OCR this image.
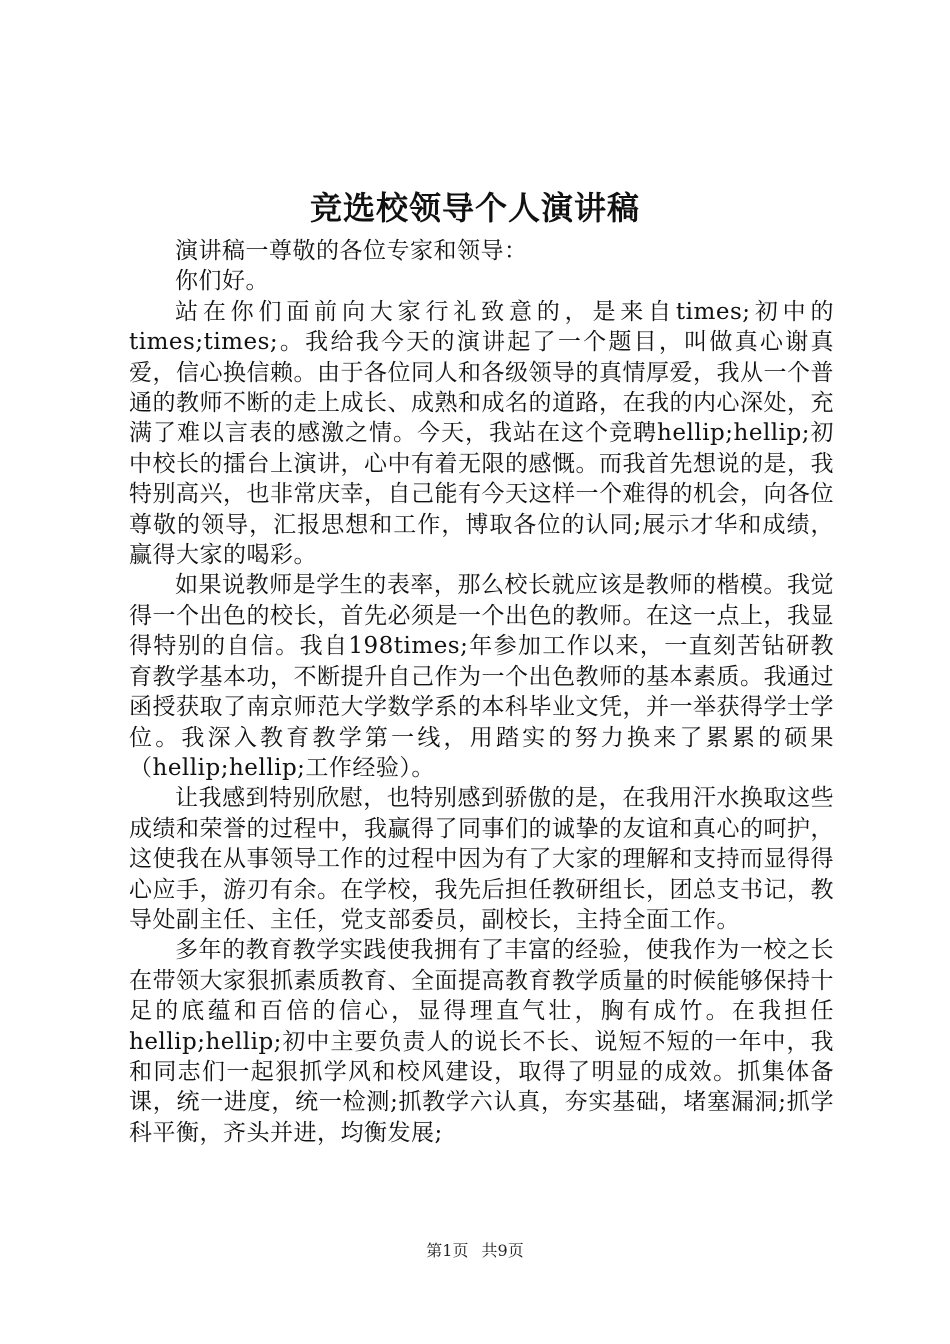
竞选校领导个人演讲稿

演讲稿一尊敬的各位专家和领导：

你们好。

站在你们面前向大家行礼致意的，是来自times;初中的times;times;。我给我今天的演讲起了一个题目，叫做真心谢真爱，信心换信赖。由于各位同人和各级领导的真情厚爱，我从一个普通的教师不断的走上成长、成熟和成名的道路，在我的内心深处，充满了难以言表的感激之情。今天，我站在这个竞聘hellip;hellip;初中校长的擂台上演讲，心中有着无限的感慨。而我首先想说的是，我特别高兴，也非常庆幸，自己能有今天这样一个难得的机会，向各位尊敬的领导，汇报思想和工作，博取各位的认同;展示才华和成绩，赢得大家的喝彩。

如果说教师是学生的表率，那么校长就应该是教师的楷模。我觉得一个出色的校长，首先必须是一个出色的教师。在这一点上，我显得特别的自信。我自198times;年参加工作以来，一直刻苦钻研教育教学基本功，不断提升自己作为一个出色教师的基本素质。我通过函授获取了南京师范大学数学系的本科毕业文凭，并一举获得学士学位。我深入教育教学第一线，用踏实的努力换来了累累的硕果（hellip;hellip;工作经验）。

让我感到特别欣慰，也特别感到骄傲的是，在我用汗水换取这些成绩和荣誉的过程中，我赢得了同事们的诚挚的友谊和真心的呵护，这使我在从事领导工作的过程中因为有了大家的理解和支持而显得得心应手，游刃有余。在学校，我先后担任教研组长，团总支书记，教导处副主任、主任，党支部委员，副校长，主持全面工作。

多年的教育教学实践使我拥有了丰富的经验，使我作为一校之长在带领大家狠抓素质教育、全面提高教育教学质量的时候能够保持十足的底蕴和百倍的信心，显得理直气壮，胸有成竹。在我担任hellip;hellip;初中主要负责人的说长不长、说短不短的一年中，我和同志们一起狠抓学风和校风建设，取得了明显的成效。抓集体备课，统一进度，统一检测;抓教学六认真，夯实基础，堵塞漏洞;抓学科平衡，齐头并进，均衡发展;

第1页 共9页
